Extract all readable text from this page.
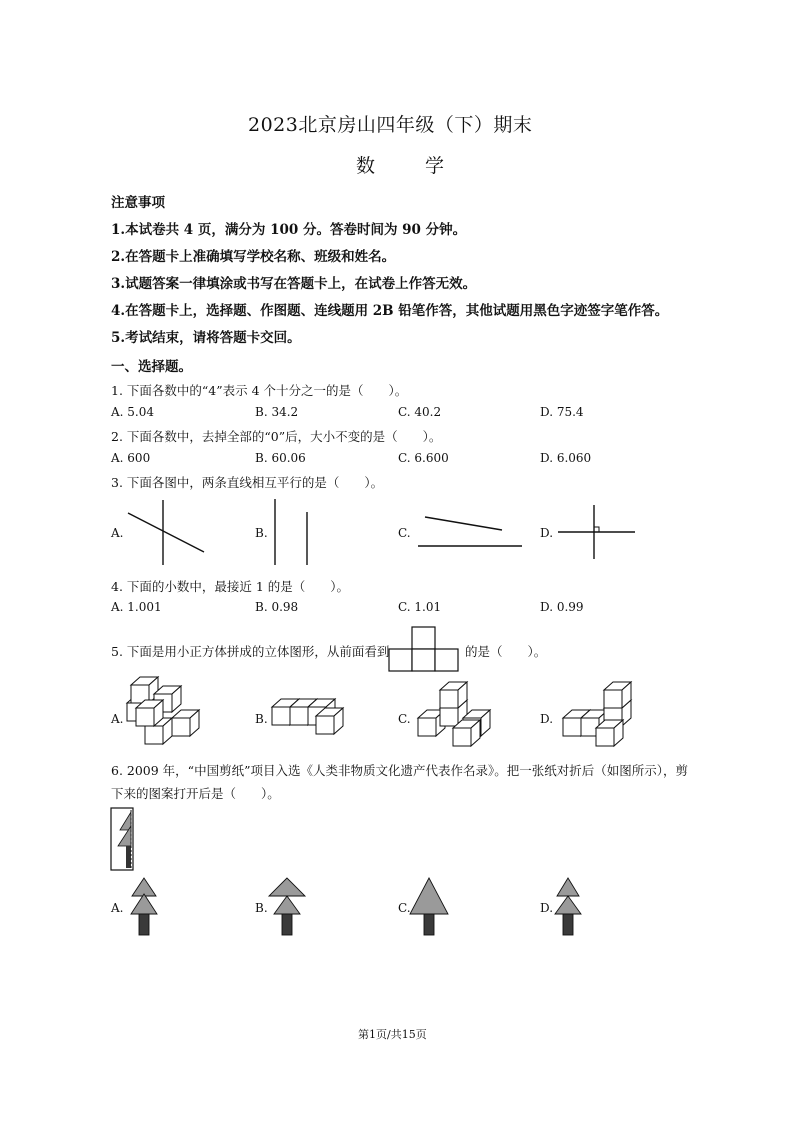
2023北京房山四年级（下）期末
数 学
注意事项
1.本试卷共 4 页，满分为 100 分。答卷时间为 90 分钟。
2.在答题卡上准确填写学校名称、班级和姓名。
3.试题答案一律填涂或书写在答题卡上，在试卷上作答无效。
4.在答题卡上，选择题、作图题、连线题用 2B 铅笔作答，其他试题用黑色字迹签字笔作答。
5.考试结束，请将答题卡交回。
一、选择题。
1. 下面各数中的“4”表示 4 个十分之一的是（　　）。
A. 5.04	B. 34.2	C. 40.2	D. 75.4
2. 下面各数中，去掉全部的“0”后，大小不变的是（　　）。
A. 600	B. 60.06	C. 6.600	D. 6.060
3. 下面各图中，两条直线相互平行的是（　　）。
A.	B.	C.	D.
4. 下面的小数中，最接近 1 的是（　　）。
A. 1.001	B. 0.98	C. 1.01	D. 0.99
5. 下面是用小正方体拼成的立体图形，从前面看到	的是（　　）。
A.	B.	C.	D.
6. 2009 年，“中国剪纸”项目入选《人类非物质文化遗产代表作名录》。把一张纸对折后（如图所示），剪
下来的图案打开后是（　　）。
A.	B.	C.	D.
第1页/共15页
